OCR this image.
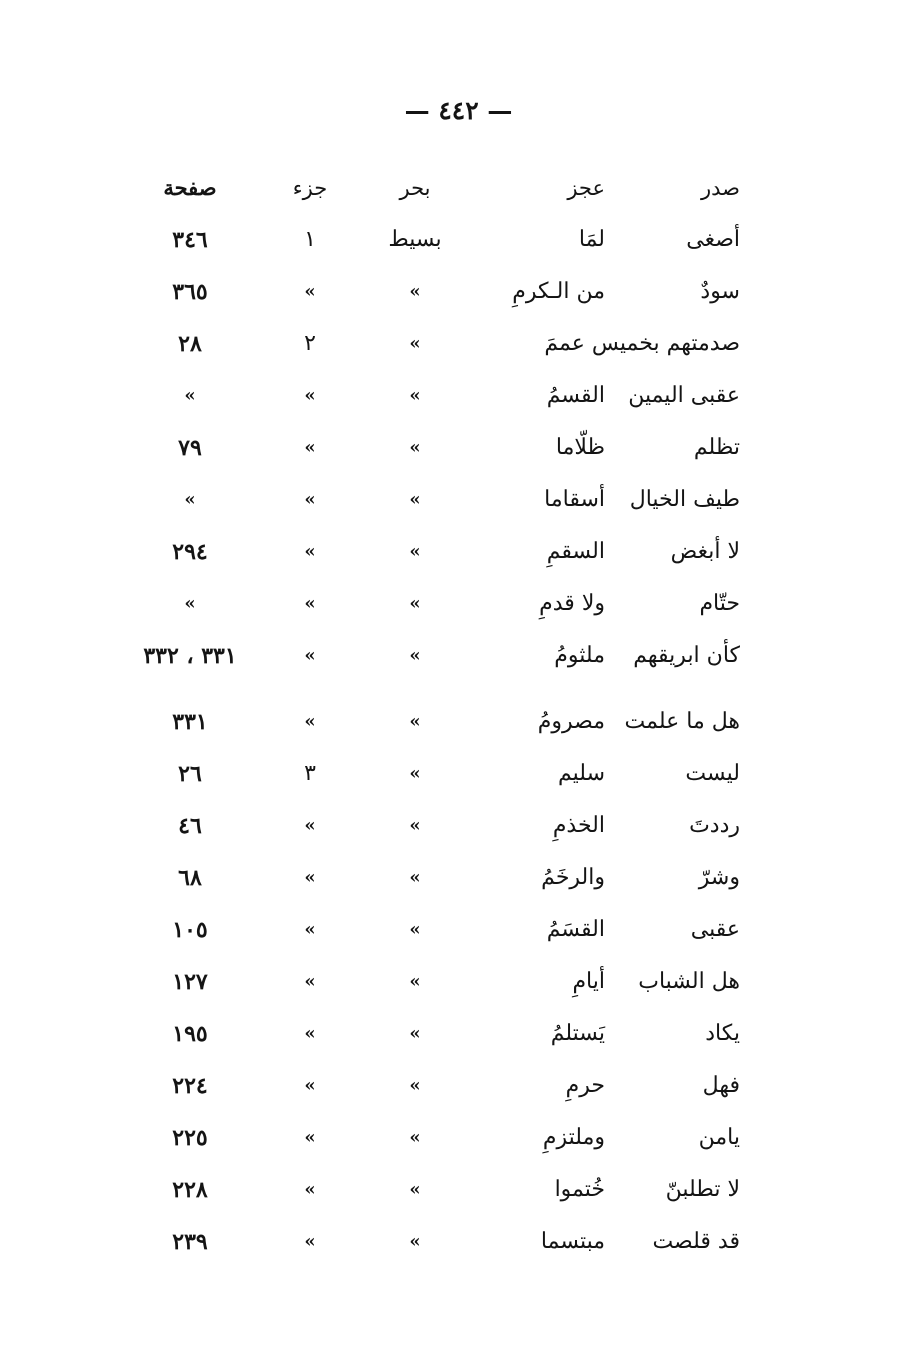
— ٤٤٢ —
صدر
عجز
بحر
جزء
صفحة
أصغى
لمَا
بسيط
١
٣٤٦
سودٌ
من الـكرمِ
»
»
٣٦٥
صدمتهم بخميس عممَ
»
٢
٢٨
عقبى اليمين
القسمُ
»
»
»
تظلم
ظلّاما
»
»
٧٩
طيف الخيال
أسقاما
»
»
»
لا أبغض
السقمِ
»
»
٢٩٤
حتّام
ولا قدمِ
»
»
»
كأن ابريقهم
ملثومُ
»
»
٣٣١ ، ٣٣٢
هل ما علمت
مصرومُ
»
»
٣٣١
ليست
سليم
»
٣
٢٦
رددتَ
الخذمِ
»
»
٤٦
وشرّ
والرخَمُ
»
»
٦٨
عقبى
القسَمُ
»
»
١٠٥
هل الشباب
أيامِ
»
»
١٢٧
يكاد
يَستلمُ
»
»
١٩٥
فهل
حرمِ
»
»
٢٢٤
يامن
وملتزمِ
»
»
٢٢٥
لا تطلبنّ
خُتموا
»
»
٢٢٨
قد قلصت
مبتسما
»
»
٢٣٩
